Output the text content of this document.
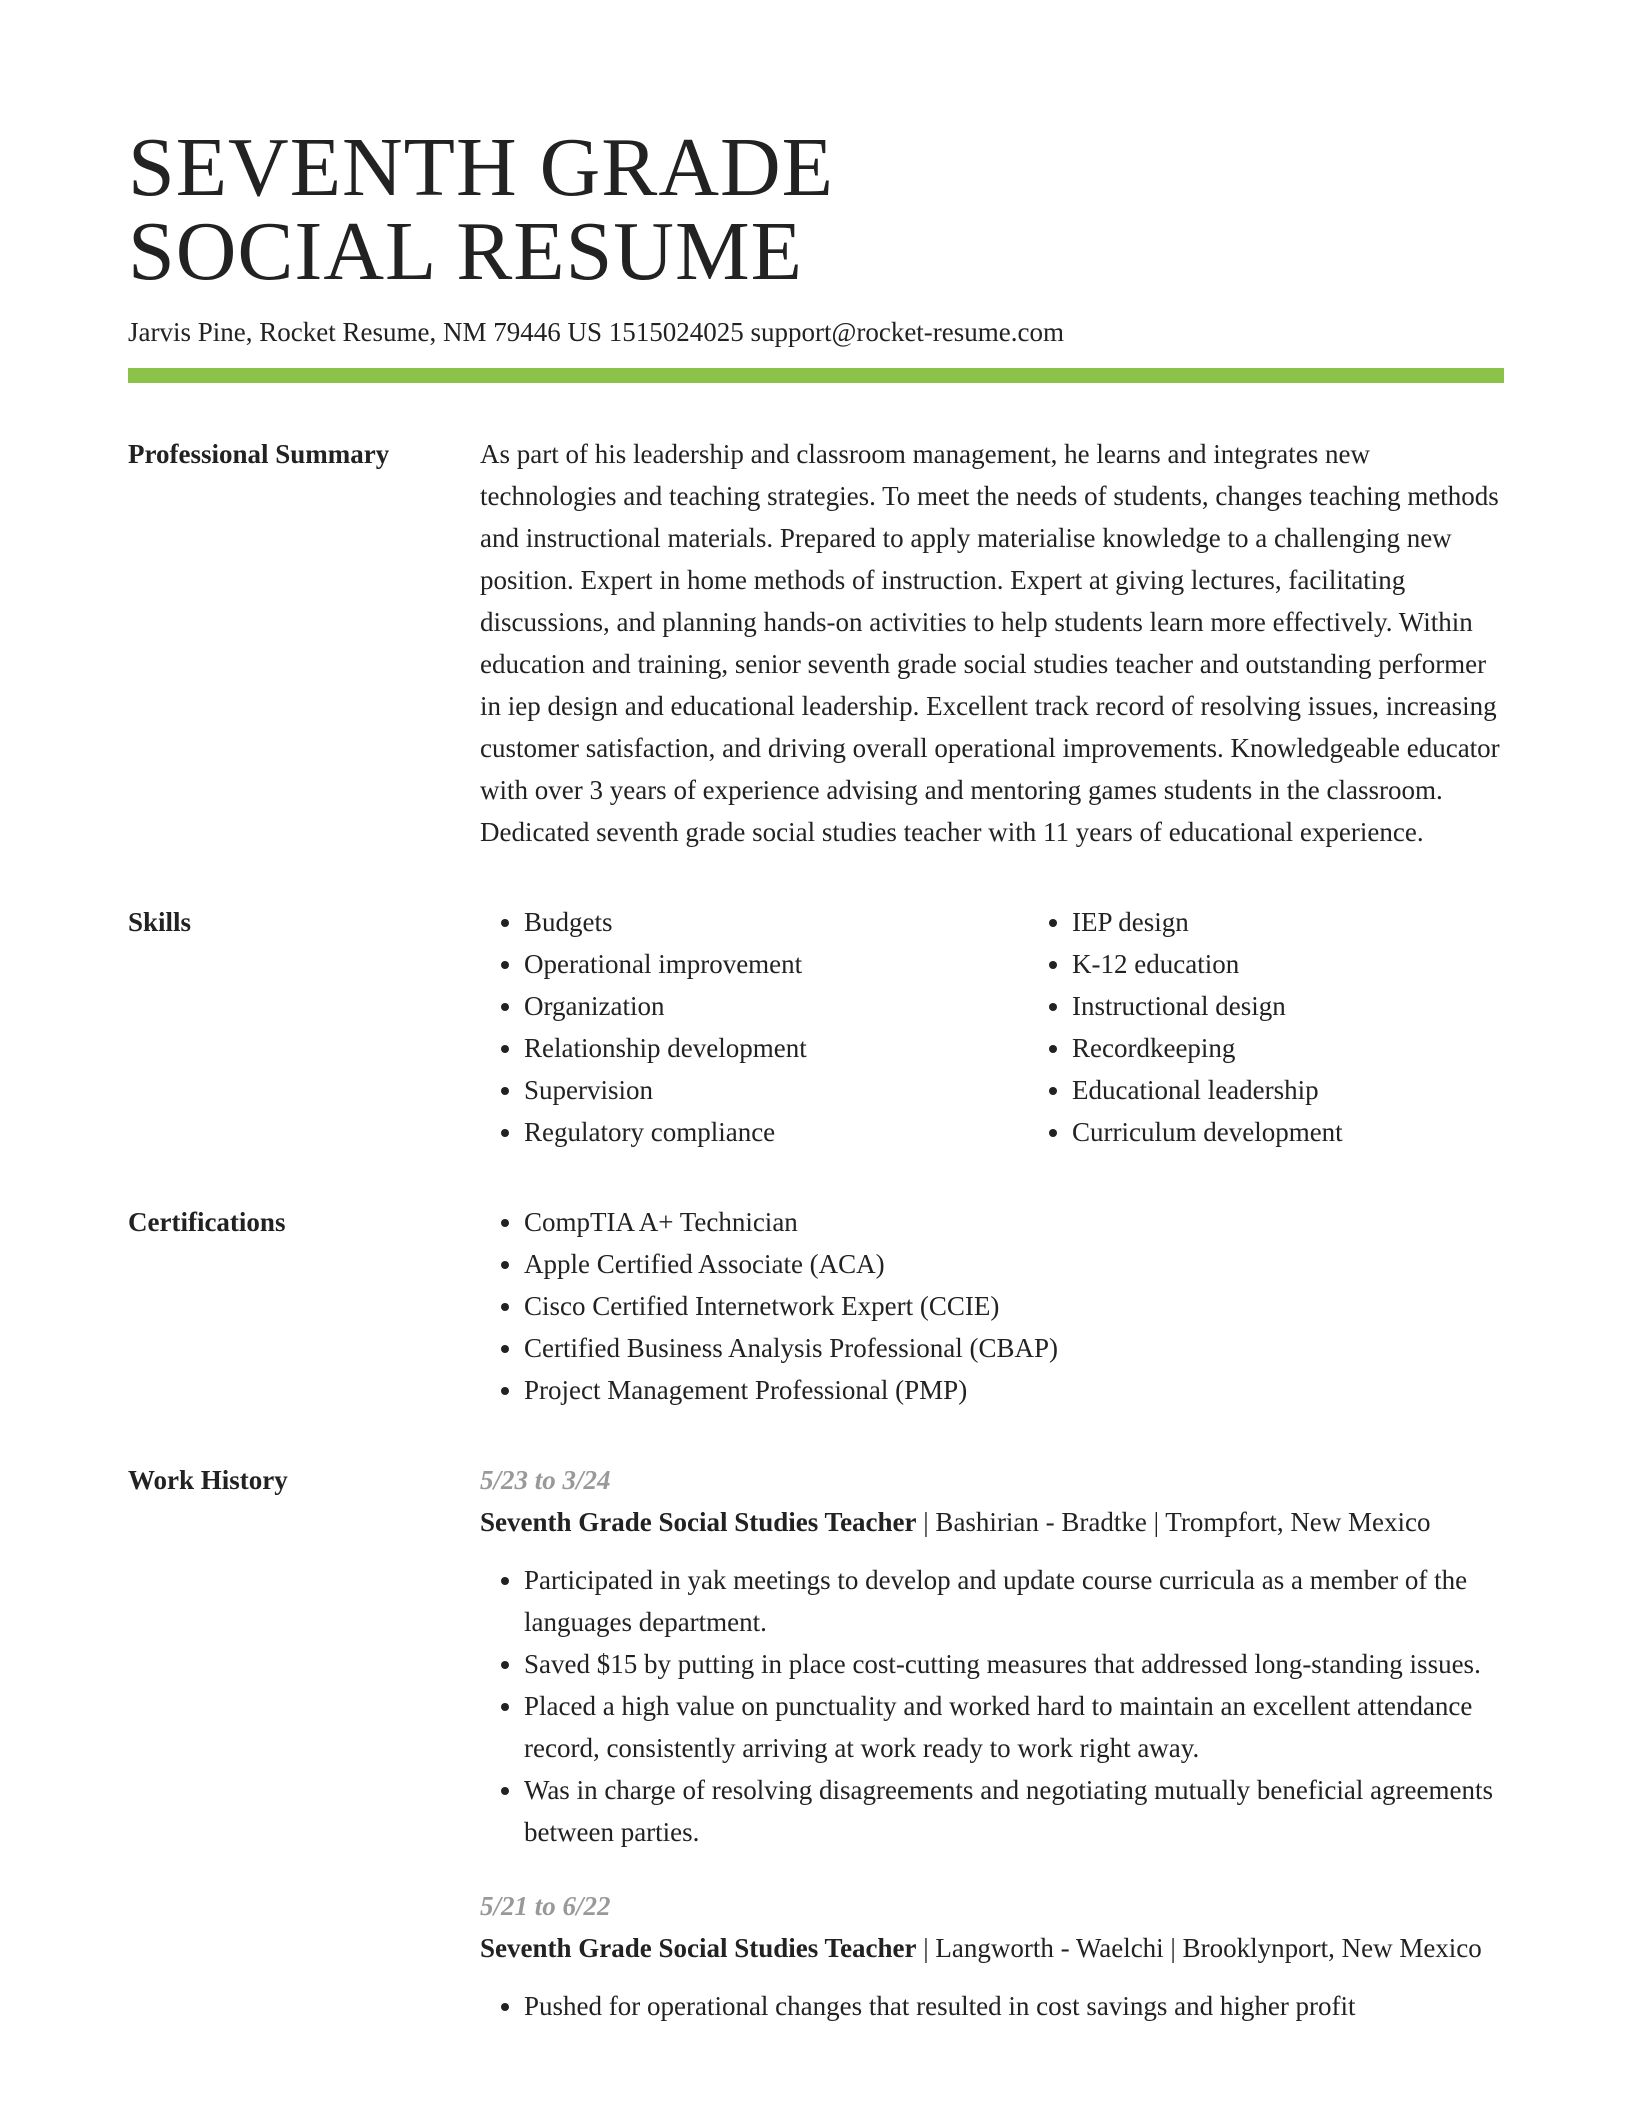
SEVENTH GRADE
SOCIAL RESUME
Jarvis Pine, Rocket Resume, NM 79446 US 1515024025 support@rocket-resume.com
Professional Summary	As part of his leadership and classroom management, he learns and integrates new technologies and teaching strategies. To meet the needs of students, changes teaching methods and instructional materials. Prepared to apply materialise knowledge to a challenging new position. Expert in home methods of instruction. Expert at giving lectures, facilitating discussions, and planning hands-on activities to help students learn more effectively. Within education and training, senior seventh grade social studies teacher and outstanding performer in iep design and educational leadership. Excellent track record of resolving issues, increasing customer satisfaction, and driving overall operational improvements. Knowledgeable educator with over 3 years of experience advising and mentoring games students in the classroom. Dedicated seventh grade social studies teacher with 11 years of educational experience.

Skills	• Budgets
• Operational improvement
• Organization
• Relationship development
• Supervision
• Regulatory compliance
• IEP design
• K-12 education
• Instructional design
• Recordkeeping
• Educational leadership
• Curriculum development
Certifications	• CompTIA A+ Technician
• Apple Certified Associate (ACA)
• Cisco Certified Internetwork Expert (CCIE)
• Certified Business Analysis Professional (CBAP)
• Project Management Professional (PMP)
Work History	5/23 to 3/24
Seventh Grade Social Studies Teacher | Bashirian - Bradtke | Trompfort, New Mexico
• Participated in yak meetings to develop and update course curricula as a member of the languages department.
• Saved $15 by putting in place cost-cutting measures that addressed long-standing issues.
• Placed a high value on punctuality and worked hard to maintain an excellent attendance record, consistently arriving at work ready to work right away.
• Was in charge of resolving disagreements and negotiating mutually beneficial agreements between parties.
5/21 to 6/22
Seventh Grade Social Studies Teacher | Langworth - Waelchi | Brooklynport, New Mexico
• Pushed for operational changes that resulted in cost savings and higher profit
